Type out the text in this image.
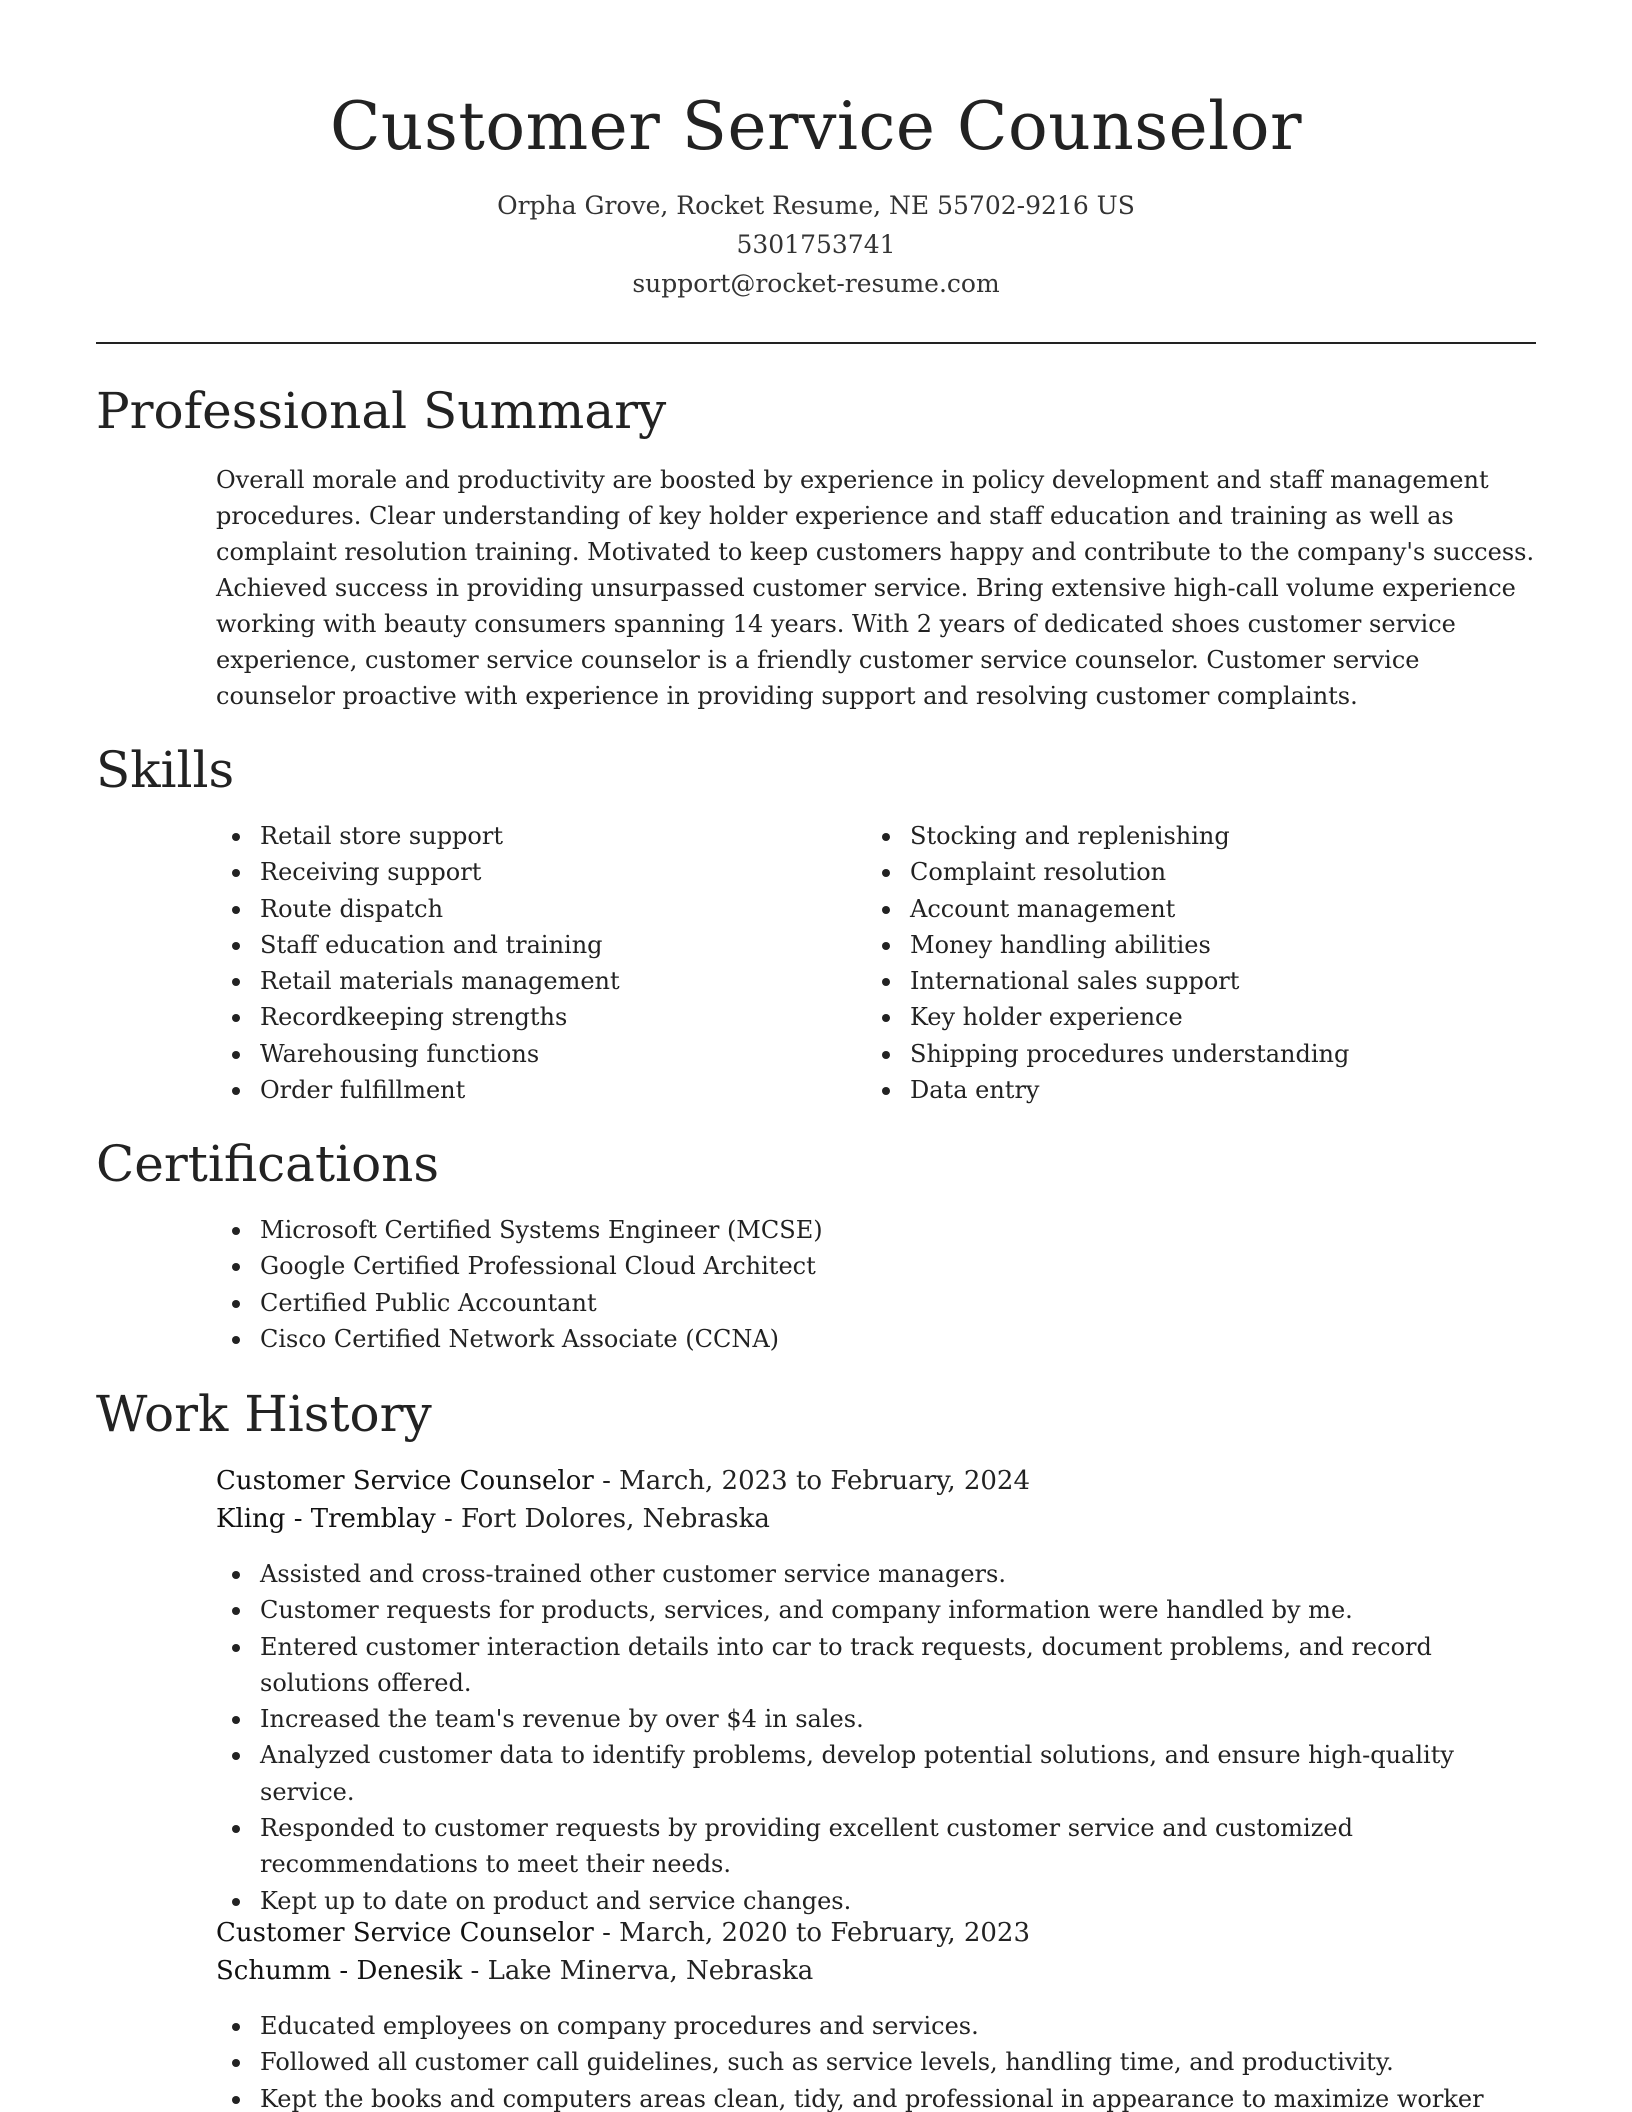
Customer Service Counselor
Orpha Grove, Rocket Resume, NE 55702-9216 US
5301753741
support@rocket-resume.com
Professional Summary

Overall morale and productivity are boosted by experience in policy development and staff management procedures. Clear understanding of key holder experience and staff education and training as well as complaint resolution training. Motivated to keep customers happy and contribute to the company's success. Achieved success in providing unsurpassed customer service. Bring extensive high-call volume experience working with beauty consumers spanning 14 years. With 2 years of dedicated shoes customer service experience, customer service counselor is a friendly customer service counselor. Customer service counselor proactive with experience in providing support and resolving customer complaints.

Skills
Retail store support
Receiving support
Route dispatch
Staff education and training
Retail materials management
Recordkeeping strengths
Warehousing functions
Order fulfillment
Stocking and replenishing
Complaint resolution
Account management
Money handling abilities
International sales support
Key holder experience
Shipping procedures understanding
Data entry
Certifications
Microsoft Certified Systems Engineer (MCSE)
Google Certified Professional Cloud Architect
Certified Public Accountant
Cisco Certified Network Associate (CCNA)
Work History
Customer Service Counselor - March, 2023 to February, 2024
Kling - Tremblay - Fort Dolores, Nebraska
Assisted and cross-trained other customer service managers.
Customer requests for products, services, and company information were handled by me.
Entered customer interaction details into car to track requests, document problems, and record solutions offered.
Increased the team's revenue by over $4 in sales.
Analyzed customer data to identify problems, develop potential solutions, and ensure high-quality service.
Responded to customer requests by providing excellent customer service and customized recommendations to meet their needs.
Kept up to date on product and service changes.
Customer Service Counselor - March, 2020 to February, 2023
Schumm - Denesik - Lake Minerva, Nebraska
Educated employees on company procedures and services.
Followed all customer call guidelines, such as service levels, handling time, and productivity.
Kept the books and computers areas clean, tidy, and professional in appearance to maximize worker
